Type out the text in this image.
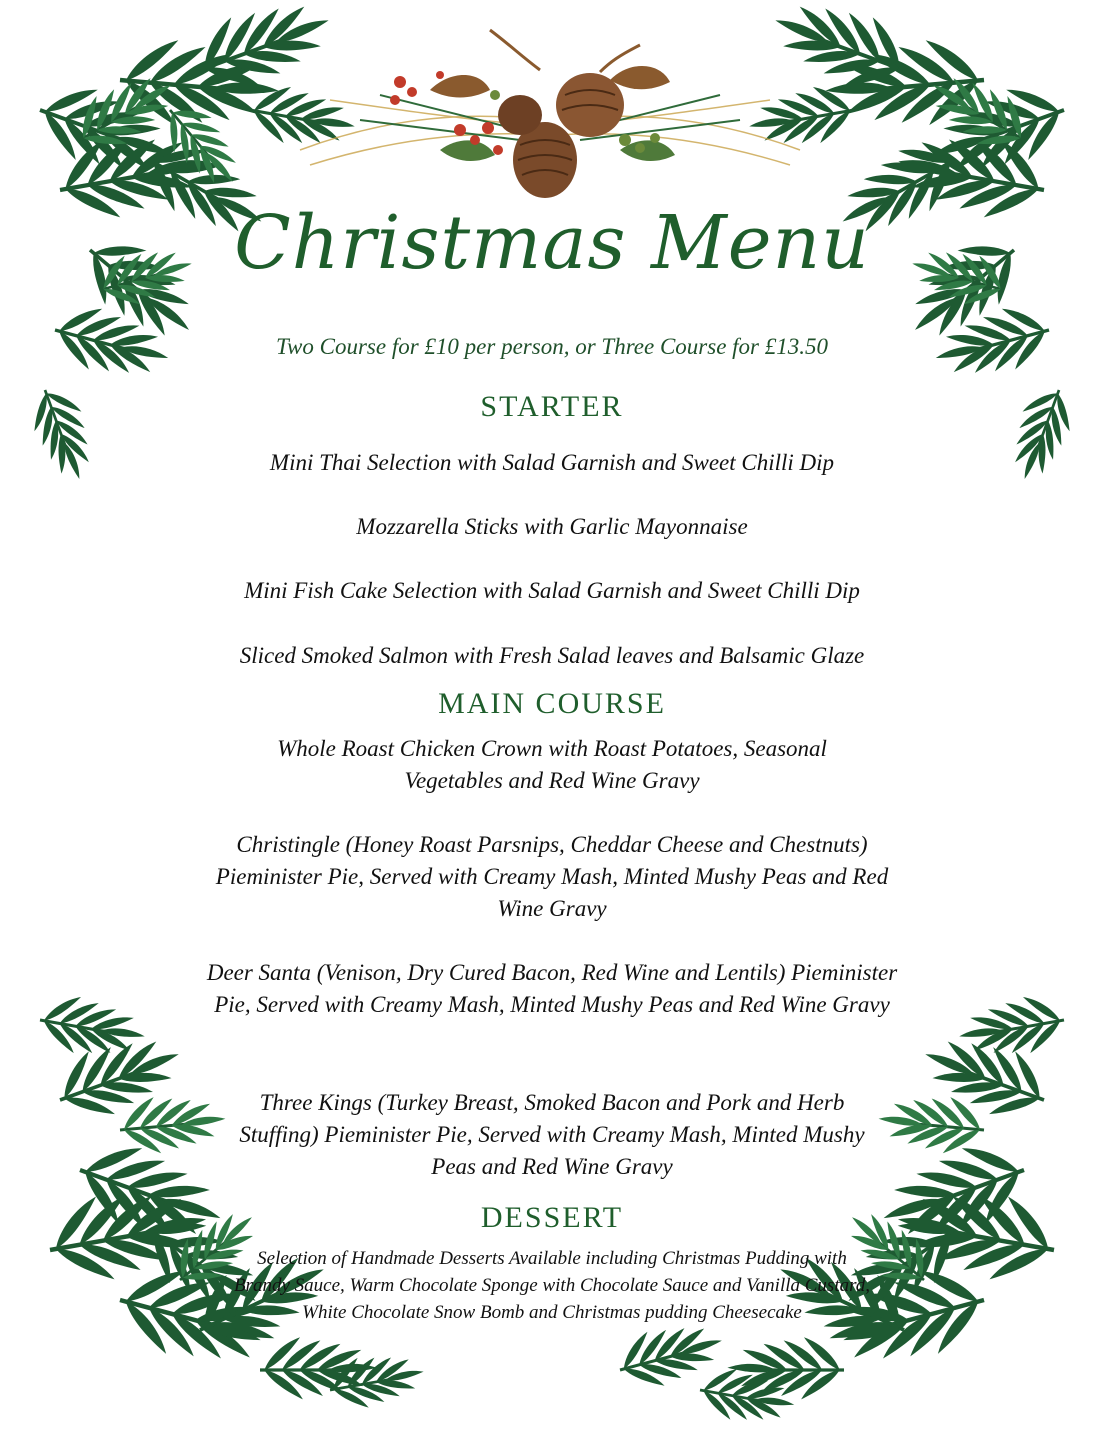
Christmas Menu
Two Course for £10 per person, or Three Course for £13.50
STARTER
Mini Thai Selection with Salad Garnish and Sweet Chilli Dip
Mozzarella Sticks with Garlic Mayonnaise
Mini Fish Cake Selection with Salad Garnish and Sweet Chilli Dip
Sliced Smoked Salmon with Fresh Salad leaves and Balsamic Glaze
MAIN COURSE
Whole Roast Chicken Crown with Roast Potatoes, Seasonal Vegetables and Red Wine Gravy
Christingle (Honey Roast Parsnips, Cheddar Cheese and Chestnuts) Pieminister Pie, Served with Creamy Mash, Minted Mushy Peas and Red Wine Gravy
Deer Santa (Venison, Dry Cured Bacon, Red Wine and Lentils) Pieminister Pie, Served with Creamy Mash, Minted Mushy Peas and Red Wine Gravy
Three Kings (Turkey Breast, Smoked Bacon and Pork and Herb Stuffing) Pieminister Pie, Served with Creamy Mash, Minted Mushy Peas and Red Wine Gravy
DESSERT
Selection of Handmade Desserts Available including Christmas Pudding with Brandy Sauce, Warm Chocolate Sponge with Chocolate Sauce and Vanilla Custard, White Chocolate Snow Bomb and Christmas pudding Cheesecake
